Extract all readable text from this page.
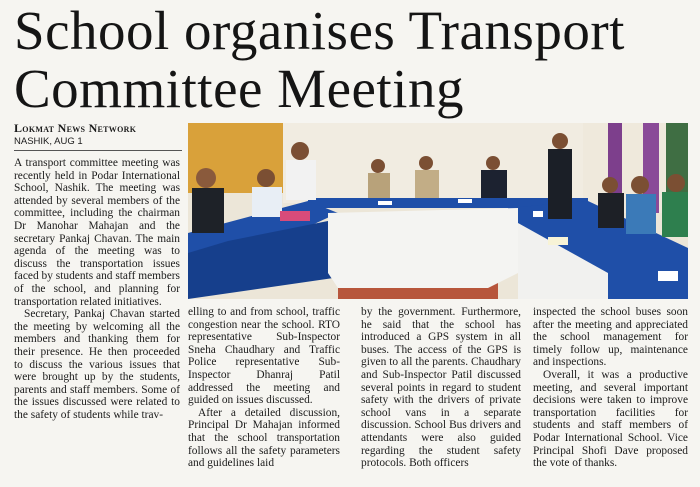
School organises Transport Committee Meeting
Lokmat News Network
NASHIK, AUG 1

A transport committee meeting was recently held in Podar International School, Nashik. The meeting was attended by several members of the committee, including the chairman Dr Manohar Mahajan and the secretary Pankaj Chavan. The main agenda of the meeting was to discuss the transportation issues faced by students and staff members of the school, and planning for transportation related initiatives.

Secretary, Pankaj Chavan started the meeting by welcoming all the members and thanking them for their presence. He then proceeded to discuss the various issues that were brought up by the students, parents and staff members. Some of the issues discussed were related to the safety of students while trav-

elling to and from school, traffic congestion near the school. RTO representative Sub-Inspector Sneha Chaudhary and Traffic Police representative Sub-Inspector Dhanraj Patil addressed the meeting and guided on issues discussed.

After a detailed discussion, Principal Dr Mahajan informed that the school transportation follows all the safety parameters and guidelines laid

by the government. Furthermore, he said that the school has introduced a GPS system in all buses. The access of the GPS is given to all the parents. Chaudhary and Sub-Inspector Patil discussed several points in regard to student safety with the drivers of private school vans in a separate discussion. School Bus drivers and attendants were also guided regarding the student safety protocols. Both officers

inspected the school buses soon after the meeting and appreciated the school management for timely follow up, maintenance and inspections.

Overall, it was a productive meeting, and several important decisions were taken to improve transportation facilities for students and staff members of Podar International School. Vice Principal Shofi Dave proposed the vote of thanks.
